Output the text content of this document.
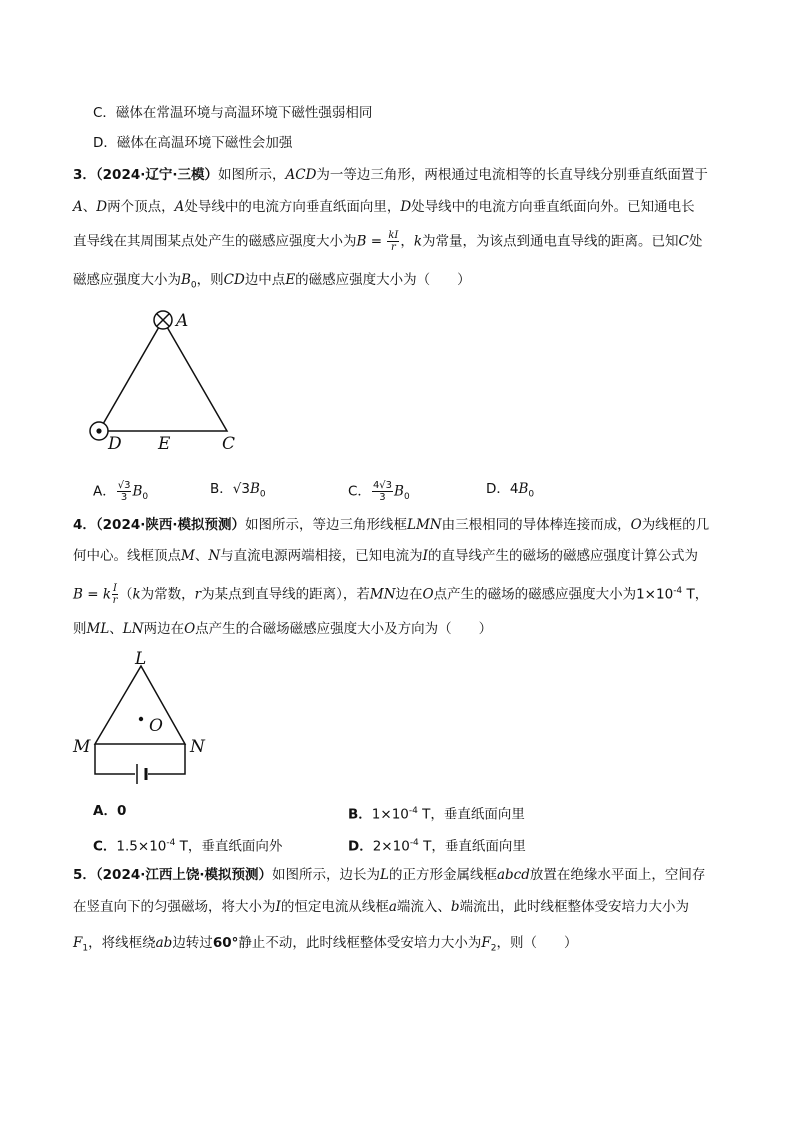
C．磁体在常温环境与高温环境下磁性强弱相同
D．磁体在高温环境下磁性会加强
3．（2024·辽宁·三模）如图所示，ACD为一等边三角形，两根通过电流相等的长直导线分别垂直纸面置于
A、D两个顶点，A处导线中的电流方向垂直纸面向里，D处导线中的电流方向垂直纸面向外。已知通电长
直导线在其周围某点处产生的磁感应强度大小为$B = \frac{kI}{r}$ ，k为常量，为该点到通电直导线的距离。已知C处
磁感应强度大小为$B_0$，则CD边中点E的磁感应强度大小为（　　）
A
D E	C
A． $\frac{√3}{3} B_0$
B．$√3B_0$	C． $\frac{4√3}{3} B_0$
D．$4B_0$
4．（2024·陕西·模拟预测）如图所示，等边三角形线框LMN由三根相同的导体棒连接而成，O为线框的几
何中心。线框顶点M、N与直流电源两端相接，已知电流为I的直导线产生的磁场的磁感应强度计算公式为
B = k $\frac{I}{r} (k$为常数，r为某点到直导线的距离），若MN边在O点产生的磁场的磁感应强度大小为$1\times 10^{-4}$ T，
则ML、LN两边在O点产生的合磁场磁感应强度大小及方向为（　　）
L
O
M	N
A．0	B．$1\times 10^{-4}$ T，垂直纸面向里
C．$1.5\times 10^{-4}$ T，垂直纸面向外	D．$2\times 10^{-4}$ T，垂直纸面向里
5．（2024·江西上饶·模拟预测）如图所示，边长为L的正方形金属线框abcd放置在绝缘水平面上，空间存
在竖直向下的匀强磁场，将大小为I的恒定电流从线框a端流入、b端流出，此时线框整体受安培力大小为
$F_1$，将线框绕ab边转过60°静止不动，此时线框整体受安培力大小为$F_2$，则（　　）
